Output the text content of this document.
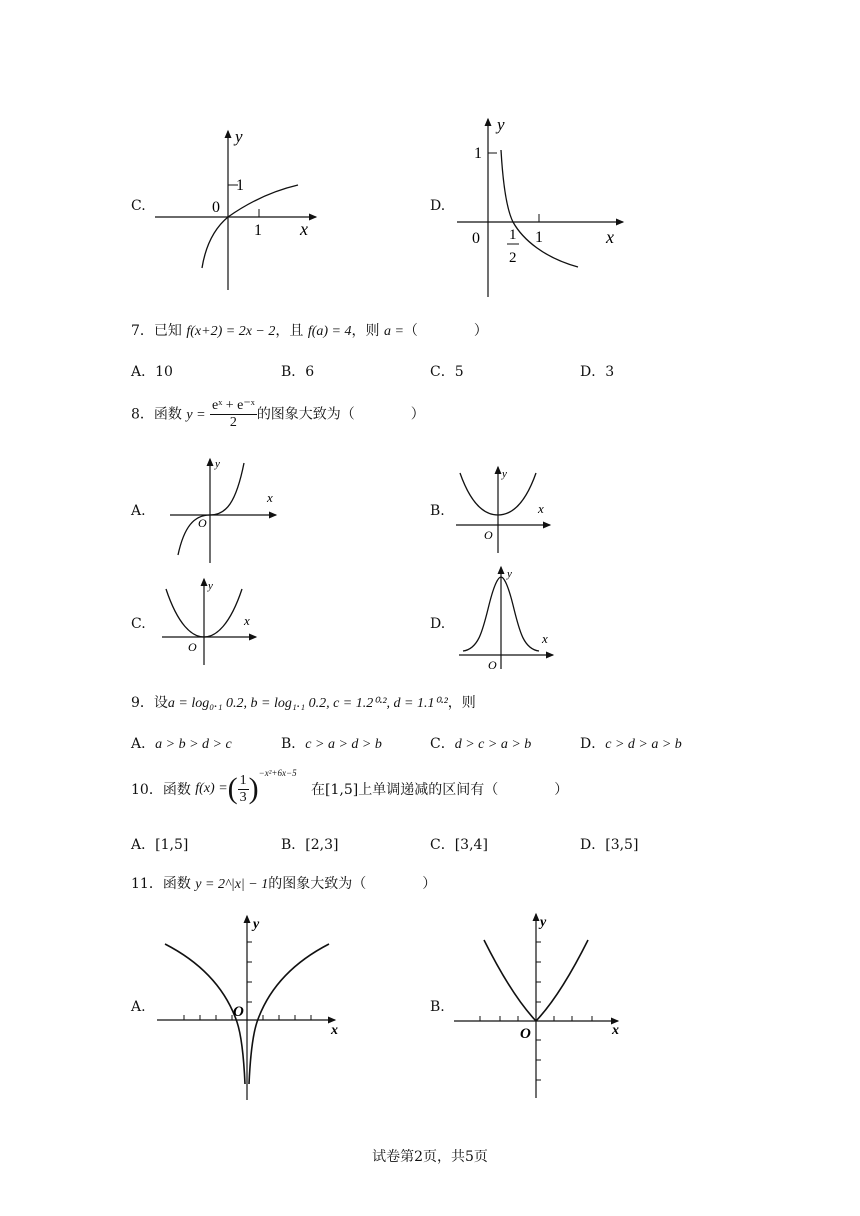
C.
y
1
0
1 x
D.
y
1
0 1
2
1	x
7．已知 f(x+2) = 2x − 2，且 f(a) = 4，则 a =（　　　　）
A．10	B．6	C．5	D．3
8．函数 $y = \frac{\text{eˣ + e⁻ˣ}}{2}$ 的图象大致为（　　　　）
A.
y
x
O
B.
y
x
O
C.
y
x
O
D.
y
x
O
9．设a = log₀.₁ 0.2, b = log₁.₁ 0.2, c = 1.2⁰·², d = 1.1⁰·²，则
A．a > b > d > c	B．c > a > d > b	C．d > c > a > b	D．c > d > a > b
10．函数 f(x) =( $\frac{1}{3} )^{-x^2+6x-5}$ 在[1,5]上单调递减的区间有（　　　　）
A．[1,5]	B．[2,3]	C．[3,4]	D．[3,5]
11．函数 y = 2^|x| − 1的图象大致为（　　　　）
A.
y
x
O	B.
y
x
O
试卷第2页，共5页
